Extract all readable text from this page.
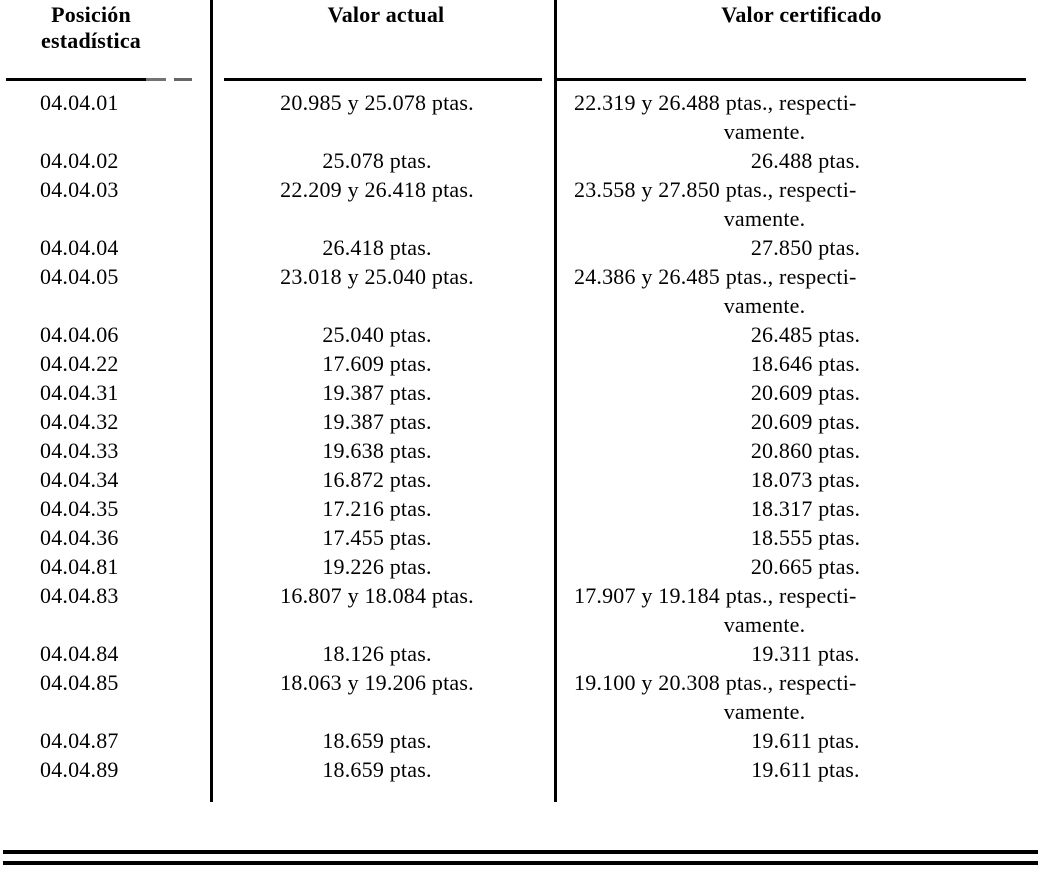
Posición
estadística
Valor actual	Valor certificado
04.04.01	20.985 y 25.078 ptas.	22.319 y 26.488 ptas., respecti-
vamente.
04.04.02	25.078 ptas.	26.488 ptas.
04.04.03	22.209 y 26.418 ptas.	23.558 y 27.850 ptas., respecti-
vamente.
04.04.04	26.418 ptas.	27.850 ptas.
04.04.05	23.018 y 25.040 ptas.	24.386 y 26.485 ptas., respecti-
vamente.
04.04.06	25.040 ptas.	26.485 ptas.
04.04.22	17.609 ptas.	18.646 ptas.
04.04.31	19.387 ptas.	20.609 ptas.
04.04.32	19.387 ptas.	20.609 ptas.
04.04.33	19.638 ptas.	20.860 ptas.
04.04.34	16.872 ptas.	18.073 ptas.
04.04.35	17.216 ptas.	18.317 ptas.
04.04.36	17.455 ptas.	18.555 ptas.
04.04.81	19.226 ptas.	20.665 ptas.
04.04.83	16.807 y 18.084 ptas.	17.907 y 19.184 ptas., respecti-
vamente.
04.04.84	18.126 ptas.	19.311 ptas.
04.04.85	18.063 y 19.206 ptas.	19.100 y 20.308 ptas., respecti-
vamente.
04.04.87	18.659 ptas.	19.611 ptas.
04.04.89	18.659 ptas.	19.611 ptas.
